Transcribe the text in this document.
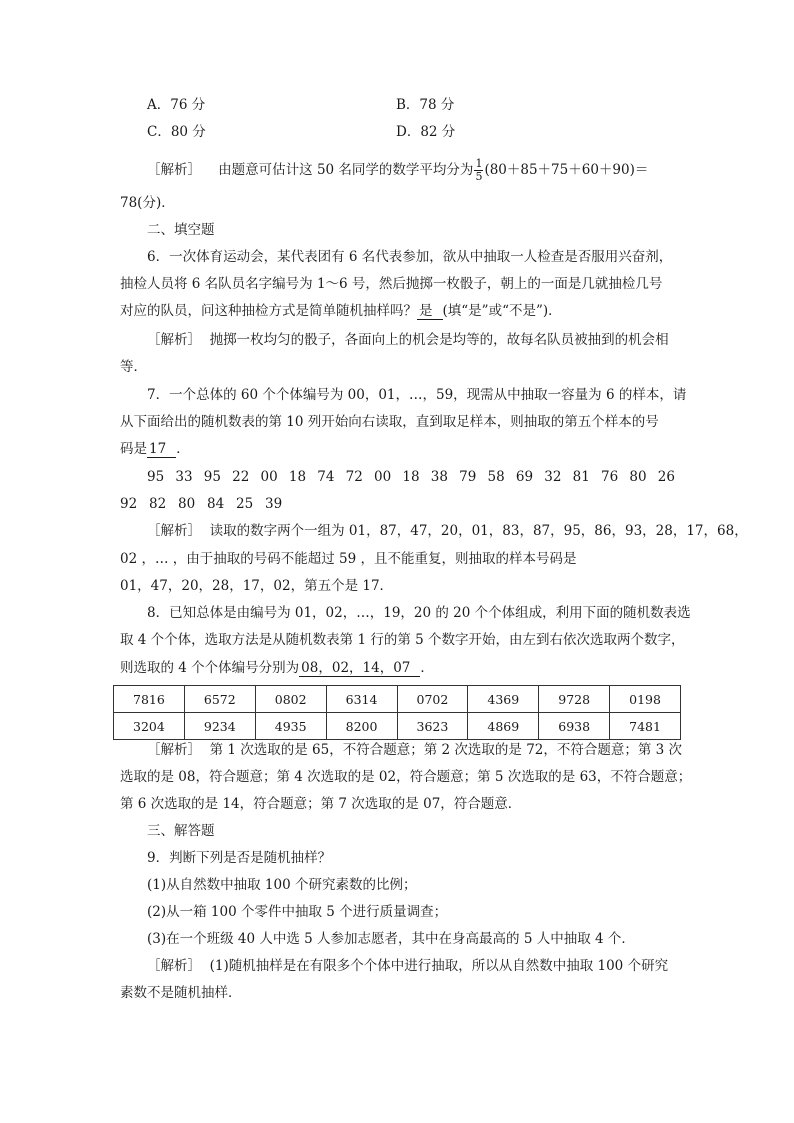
A．76 分	B．78 分
C．80 分	D．82 分
［解析］ 由题意可估计这 50 名同学的数学平均分为 $\frac{1}{5} (80+85+75+60+90)=$
78(分)．
二、填空题
6．一次体育运动会，某代表团有 6 名代表参加，欲从中抽取一人检查是否服用兴奋剂，
抽检人员将 6 名队员名字编号为 1～6 号，然后抛掷一枚骰子，朝上的一面是几就抽检几号
对应的队员，问这种抽检方式是简单随机抽样吗？ 是 (填“是”或“不是”)．
［解析］ 抛掷一枚均匀的骰子，各面向上的机会是均等的，故每名队员被抽到的机会相
等．
7．一个总体的 60 个个体编号为 00，01，…，59，现需从中抽取一容量为 6 的样本，请
从下面给出的随机数表的第 10 列开始向右读取，直到取足样本，则抽取的第五个样本的号
码是 17 ．
95 33 95 22 00 18 74 72 00 18 38 79 58 69 32 81 76 80 26
92 82 80 84 25 39
［解析］ 读取的数字两个一组为 01，87，47，20，01，83，87，95，86，93，28，17，68，
02 ，… ，由于抽取的号码不能超过 59 ，且不能重复，则抽取的样本号码是
01，47，20，28，17，02，第五个是 17．
8．已知总体是由编号为 01，02，…，19，20 的 20 个个体组成，利用下面的随机数表选
取 4 个个体，选取方法是从随机数表第 1 行的第 5 个数字开始，由左到右依次选取两个数字，
则选取的 4 个个体编号分别为 08，02，14，07 ．
7816	6572	0802	6314	0702	4369	9728	0198
3204	9234	4935	8200	3623	4869	6938	7481
［解析］ 第 1 次选取的是 65，不符合题意；第 2 次选取的是 72，不符合题意；第 3 次
选取的是 08，符合题意；第 4 次选取的是 02，符合题意；第 5 次选取的是 63，不符合题意；
第 6 次选取的是 14，符合题意；第 7 次选取的是 07，符合题意．
三、解答题
9．判断下列是否是随机抽样？
(1)从自然数中抽取 100 个研究素数的比例；
(2)从一箱 100 个零件中抽取 5 个进行质量调查；
(3)在一个班级 40 人中选 5 人参加志愿者，其中在身高最高的 5 人中抽取 4 个．
［解析］ (1)随机抽样是在有限多个个体中进行抽取，所以从自然数中抽取 100 个研究
素数不是随机抽样．
